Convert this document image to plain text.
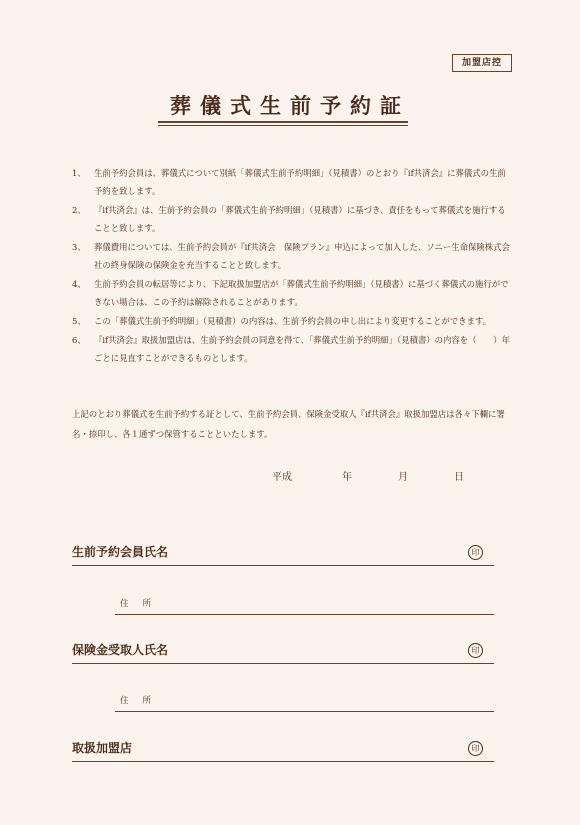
加盟店控
葬儀式生前予約証
1、 生前予約会員は、葬儀式について別紙「葬儀式生前予約明細」（見積書）のとおり『if共済会』に葬儀式の生前予約を致します。
2、 『if共済会』は、生前予約会員の「葬儀式生前予約明細」（見積書）に基づき、責任をもって葬儀式を施行することと致します。
3、 葬儀費用については、生前予約会員が『if共済会　保険プラン』申込によって加入した、ソニー生命保険株式会社の終身保険の保険金を充当することと致します。
4、 生前予約会員の転居等により、下記取扱加盟店が「葬儀式生前予約明細」（見積書）に基づく葬儀式の施行ができない場合は、この予約は解除されることがあります。
5、 この「葬儀式生前予約明細」（見積書）の内容は、生前予約会員の申し出により変更することができます。
6、 『if共済会』取扱加盟店は、生前予約会員の同意を得て、「葬儀式生前予約明細」（見積書）の内容を（　　）年ごとに見直すことができるものとします。
上記のとおり葬儀式を生前予約する証として、生前予約会員、保険金受取人『if共済会』取扱加盟店は各々下欄に署名・捺印し、各１通ずつ保管することといたします。
平成	年	月	日
生前予約会員氏名	印
住所
保険金受取人氏名	印
住所
取扱加盟店	印
